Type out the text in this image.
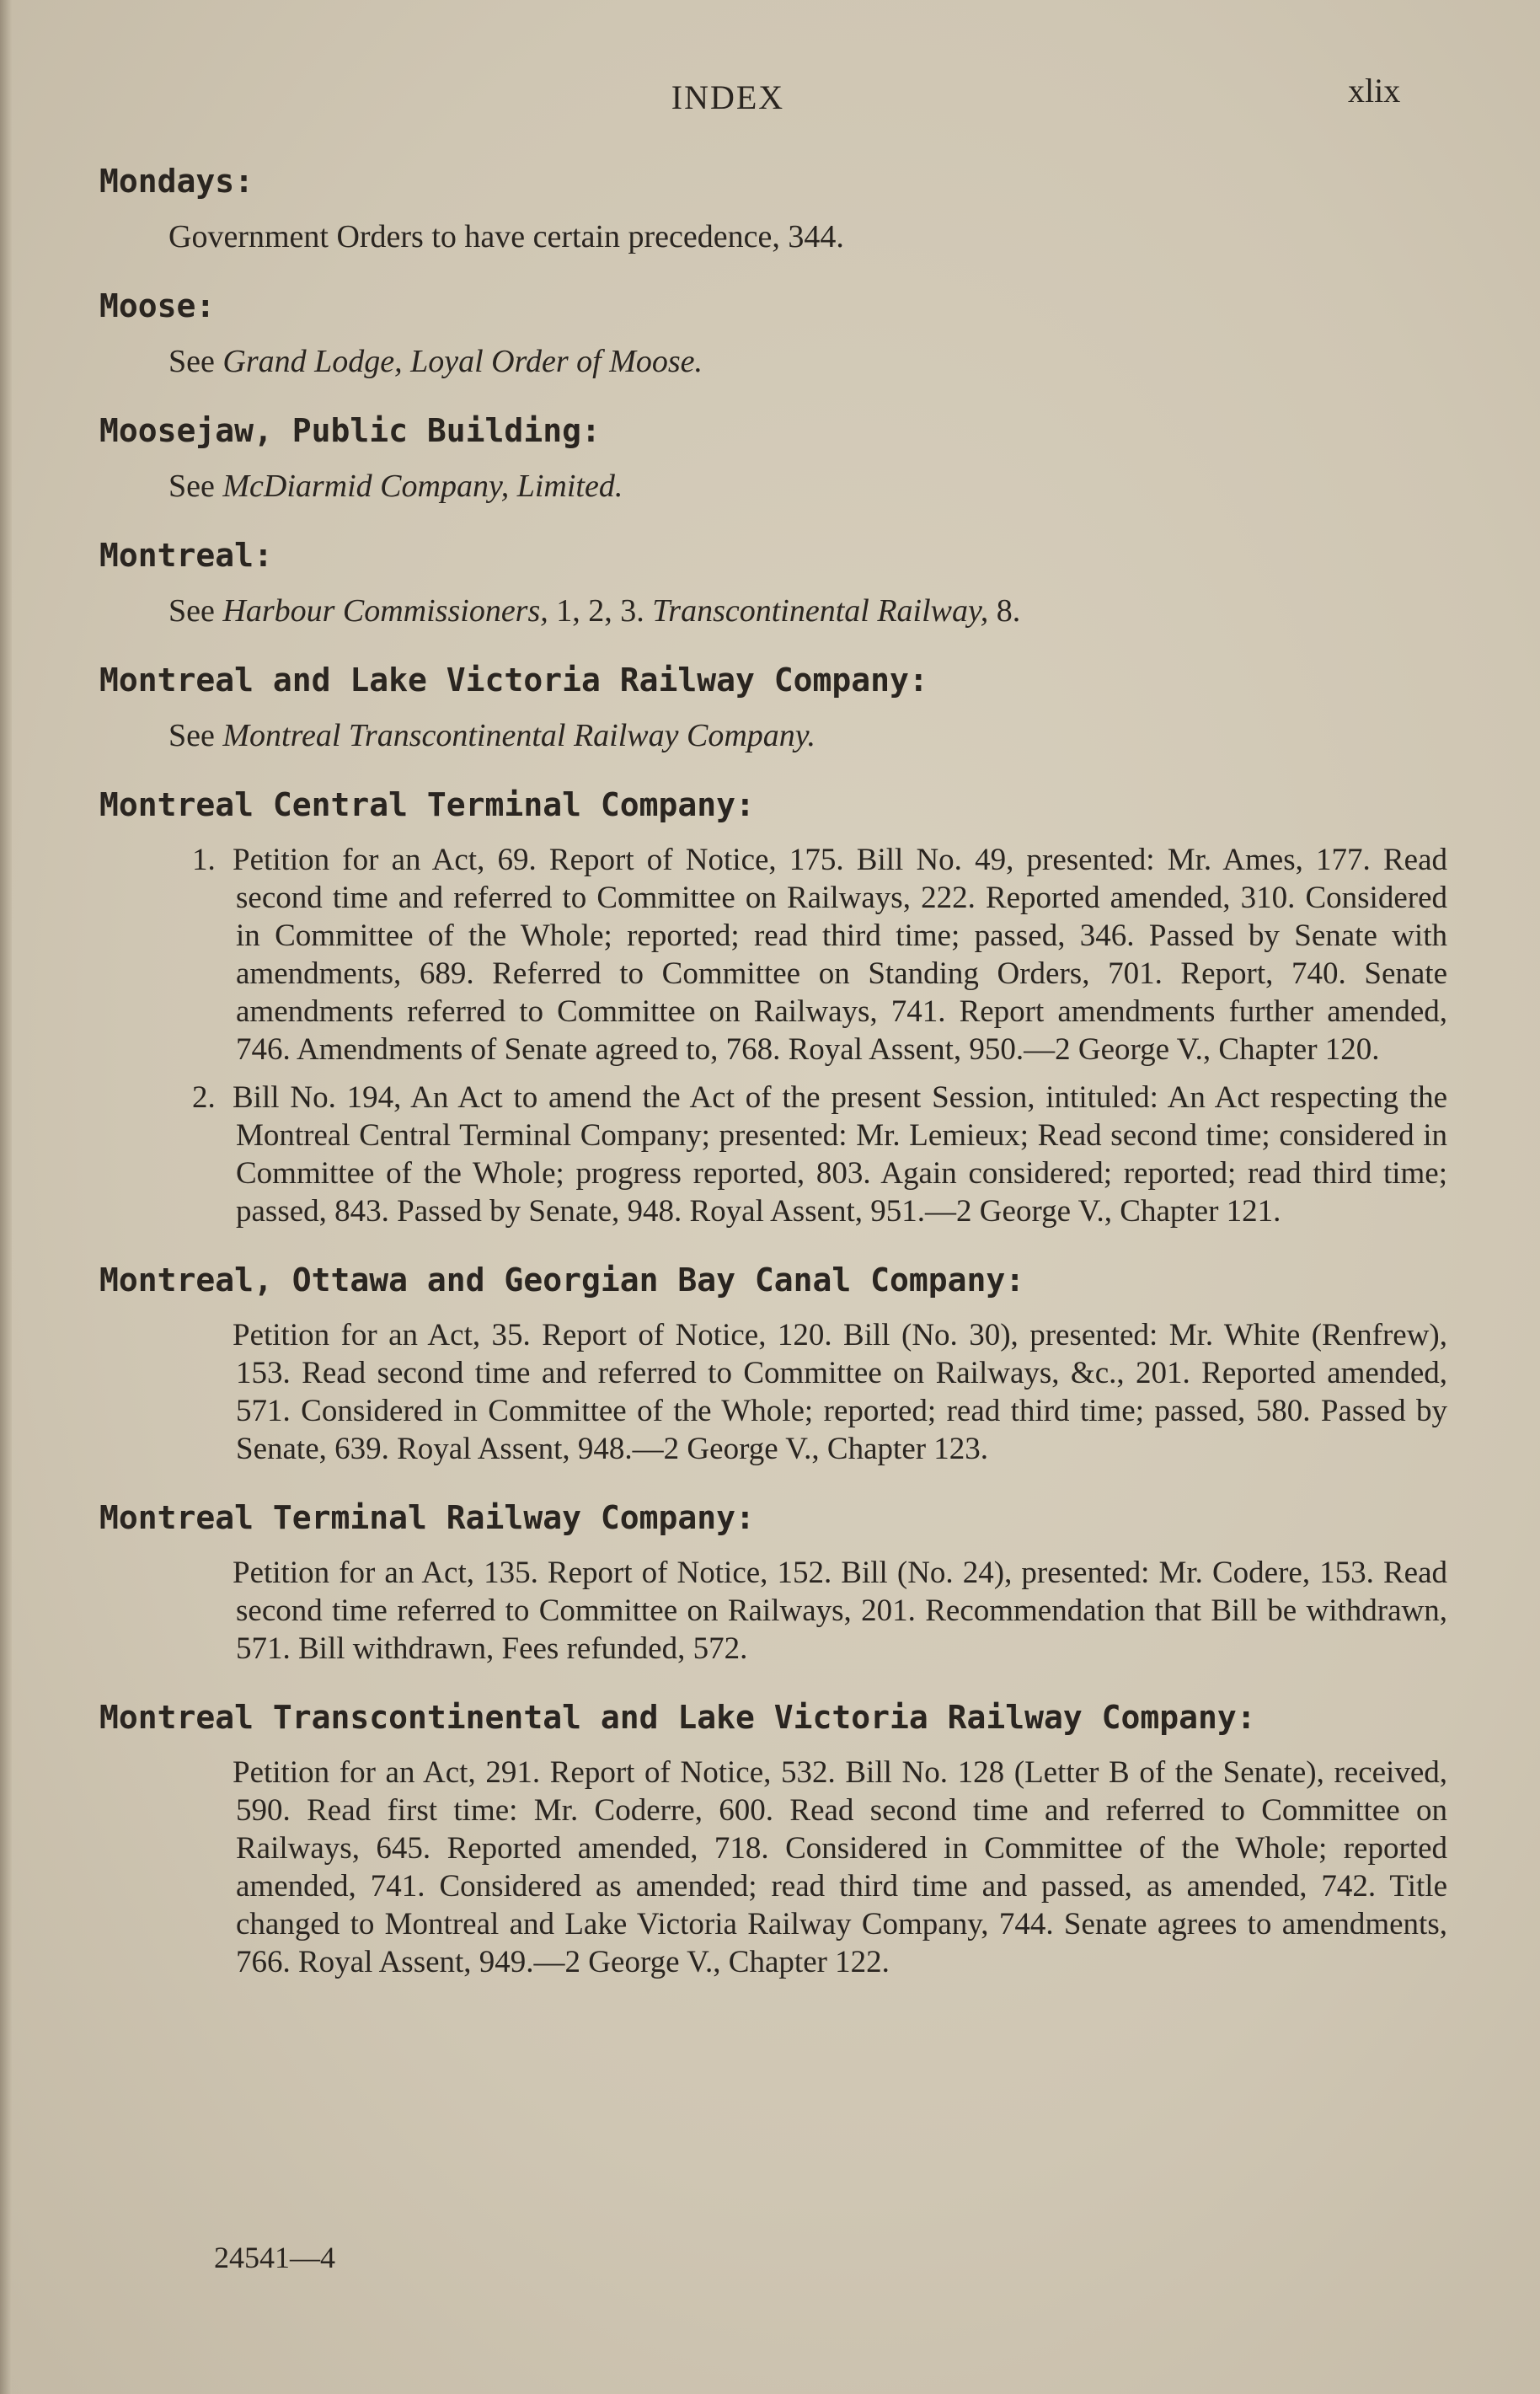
INDEX	xlix
Mondays:
Government Orders to have certain precedence, 344.
Moose:
See Grand Lodge, Loyal Order of Moose.
Moosejaw, Public Building:
See McDiarmid Company, Limited.
Montreal:
See Harbour Commissioners, 1, 2, 3. Transcontinental Railway, 8.
Montreal and Lake Victoria Railway Company:
See Montreal Transcontinental Railway Company.
Montreal Central Terminal Company:
1. Petition for an Act, 69. Report of Notice, 175. Bill No. 49, presented: Mr. Ames, 177. Read second time and referred to Committee on Railways, 222. Reported amended, 310. Considered in Committee of the Whole; reported; read third time; passed, 346. Passed by Senate with amendments, 689. Referred to Committee on Standing Orders, 701. Report, 740. Senate amendments referred to Committee on Railways, 741. Report amendments further amended, 746. Amendments of Senate agreed to, 768. Royal Assent, 950.—2 George V., Chapter 120.
2. Bill No. 194, An Act to amend the Act of the present Session, intituled: An Act respecting the Montreal Central Terminal Company; presented: Mr. Lemieux; Read second time; considered in Committee of the Whole; progress reported, 803. Again considered; reported; read third time; passed, 843. Passed by Senate, 948. Royal Assent, 951.—2 George V., Chapter 121.
Montreal, Ottawa and Georgian Bay Canal Company:
Petition for an Act, 35. Report of Notice, 120. Bill (No. 30), presented: Mr. White (Renfrew), 153. Read second time and referred to Committee on Railways, &c., 201. Reported amended, 571. Considered in Committee of the Whole; reported; read third time; passed, 580. Passed by Senate, 639. Royal Assent, 948.—2 George V., Chapter 123.
Montreal Terminal Railway Company:
Petition for an Act, 135. Report of Notice, 152. Bill (No. 24), presented: Mr. Codere, 153. Read second time referred to Committee on Railways, 201. Recommendation that Bill be withdrawn, 571. Bill withdrawn, Fees refunded, 572.
Montreal Transcontinental and Lake Victoria Railway Company:
Petition for an Act, 291. Report of Notice, 532. Bill No. 128 (Letter B of the Senate), received, 590. Read first time: Mr. Coderre, 600. Read second time and referred to Committee on Railways, 645. Reported amended, 718. Considered in Committee of the Whole; reported amended, 741. Considered as amended; read third time and passed, as amended, 742. Title changed to Montreal and Lake Victoria Railway Company, 744. Senate agrees to amendments, 766. Royal Assent, 949.—2 George V., Chapter 122.
24541—4
